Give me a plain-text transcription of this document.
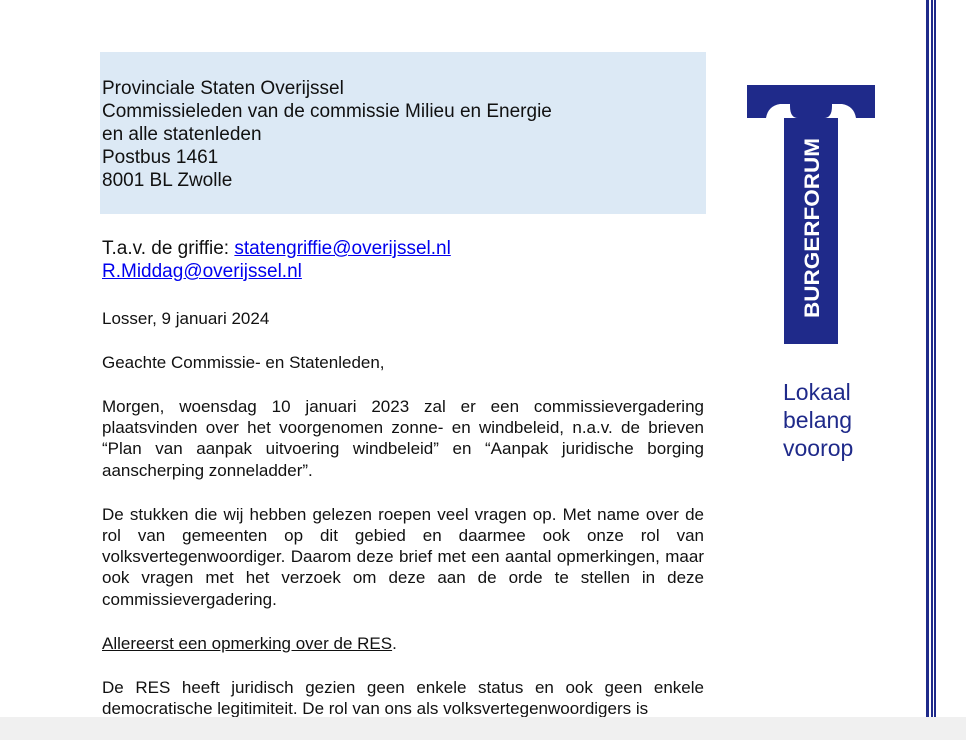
Provinciale Staten Overijssel
Commissieleden van de commissie Milieu en Energie
en alle statenleden
Postbus 1461
8001 BL Zwolle
T.a.v. de griffie: statengriffie@overijssel.nl
R.Middag@overijssel.nl

Losser, 9 januari 2024

Geachte Commissie- en Statenleden,

Morgen, woensdag 10 januari 2023 zal er een commissievergadering plaatsvinden over het voorgenomen zonne- en windbeleid, n.a.v. de brieven “Plan van aanpak uitvoering windbeleid” en “Aanpak juridische borging aanscherping zonneladder”.

De stukken die wij hebben gelezen roepen veel vragen op. Met name over de rol van gemeenten op dit gebied en daarmee ook onze rol van volksvertegenwoordiger. Daarom deze brief met een aantal opmerkingen, maar ook vragen met het verzoek om deze aan de orde te stellen in deze commissievergadering.

Allereerst een opmerking over de RES.

De RES heeft juridisch gezien geen enkele status en ook geen enkele democratische legitimiteit. De rol van ons als volksvertegenwoordigers is

BURGERFORUM
Lokaal
belang
voorop
